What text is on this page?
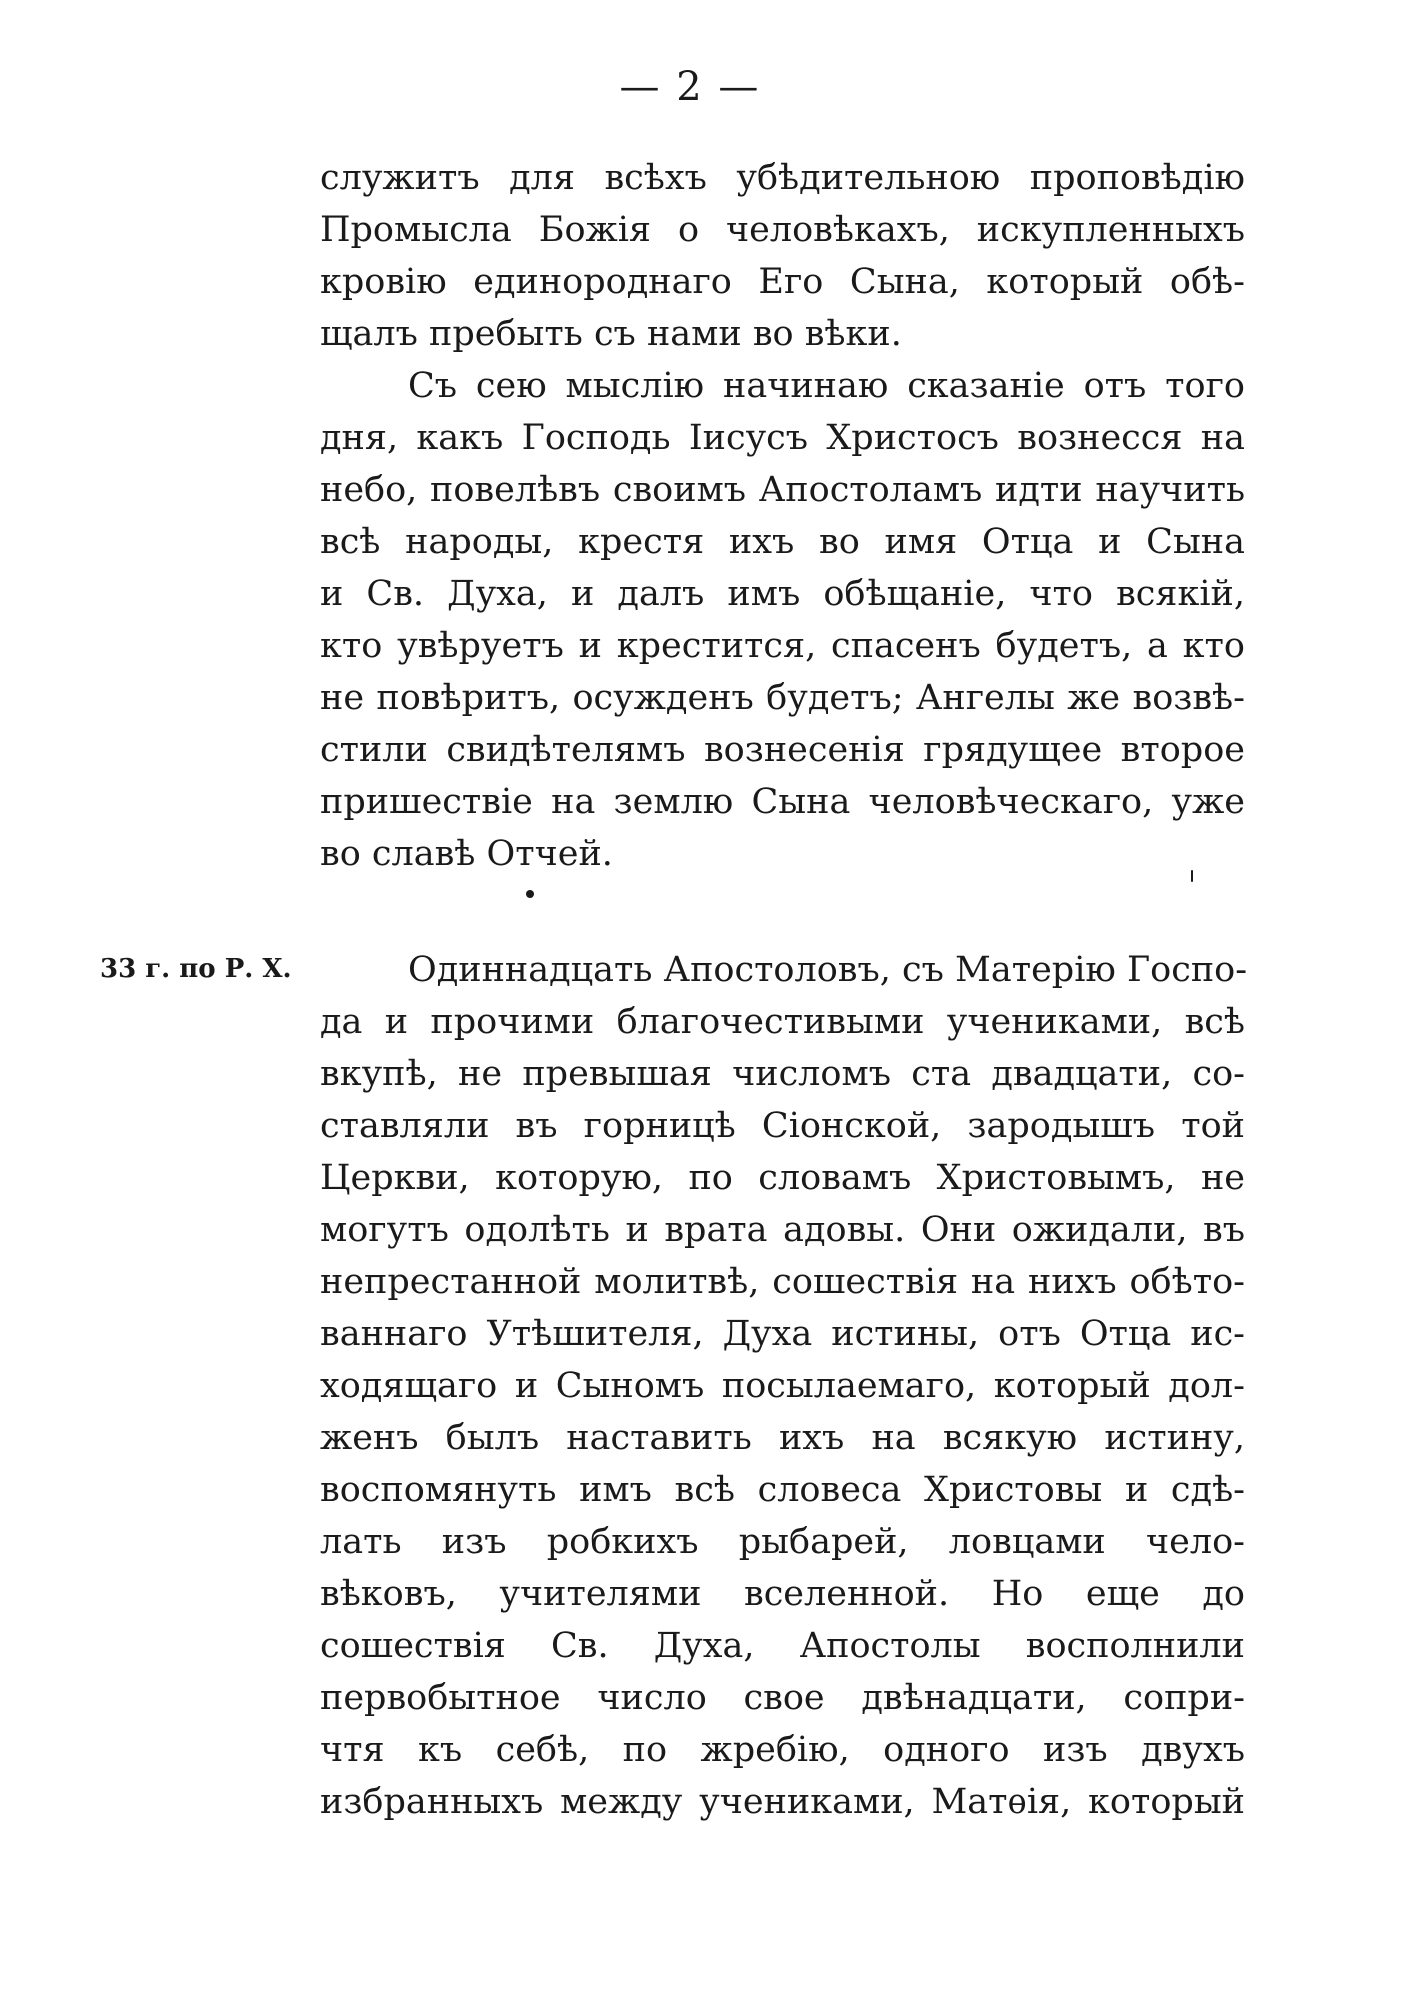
— 2 —
служитъ для всѣхъ убѣдительною проповѣдію
Промысла Божія о человѣкахъ, искупленныхъ
кровію единороднаго Его Сына, который обѣ-
щалъ пребыть съ нами во вѣки.
Съ сею мыслію начинаю сказаніе отъ того
дня, какъ Господь Іисусъ Христосъ вознесся на
небо, повелѣвъ своимъ Апостоламъ идти научить
всѣ народы, крестя ихъ во имя Отца и Сына
и Св. Духа, и далъ имъ обѣщаніе, что всякій,
кто увѣруетъ и крестится, спасенъ будетъ, а кто
не повѣритъ, осужденъ будетъ; Ангелы же возвѣ-
стили свидѣтелямъ вознесенія грядущее второе
пришествіе на землю Сына человѣческаго, уже
во славѣ Отчей.
33 г. по Р. Х.	Одиннадцать Апостоловъ, съ Матерію Госпо-
да и прочими благочестивыми учениками, всѣ
вкупѣ, не превышая числомъ ста двадцати, со-
ставляли въ горницѣ Сіонской, зародышъ той
Церкви, которую, по словамъ Христовымъ, не
могутъ одолѣть и врата адовы. Они ожидали, въ
непрестанной молитвѣ, сошествія на нихъ обѣто-
ваннаго Утѣшителя, Духа истины, отъ Отца ис-
ходящаго и Сыномъ посылаемаго, который дол-
женъ былъ наставить ихъ на всякую истину,
воспомянуть имъ всѣ словеса Христовы и сдѣ-
лать изъ робкихъ рыбарей, ловцами чело-
вѣковъ, учителями вселенной. Но еще до
сошествія Св. Духа, Апостолы восполнили
первобытное число свое двѣнадцати, сопри-
чтя къ себѣ, по жребію, одного изъ двухъ
избранныхъ между учениками, Матѳія, который
